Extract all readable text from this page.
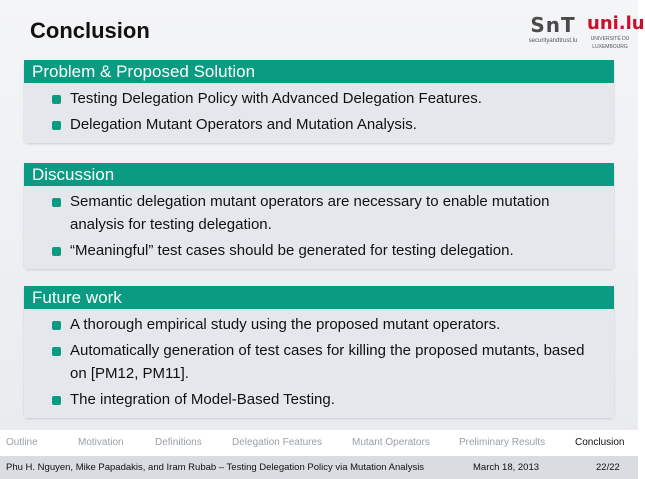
Conclusion	SnT
securityandtrust.lu
uni.lu
UNIVERSITÉ DU
LUXEMBOURG
Problem & Proposed Solution
Testing Delegation Policy with Advanced Delegation Features.
Delegation Mutant Operators and Mutation Analysis.
Discussion
Semantic delegation mutant operators are necessary to enable mutation analysis for testing delegation.
“Meaningful” test cases should be generated for testing delegation.
Future work
A thorough empirical study using the proposed mutant operators.
Automatically generation of test cases for killing the proposed mutants, based on [PM12, PM11].
The integration of Model-Based Testing.
Outline	Motivation	Definitions	Delegation Features	Mutant Operators	Preliminary Results	Conclusion
Phu H. Nguyen, Mike Papadakis, and Iram Rubab – Testing Delegation Policy via Mutation Analysis	March 18, 2013	22/22
